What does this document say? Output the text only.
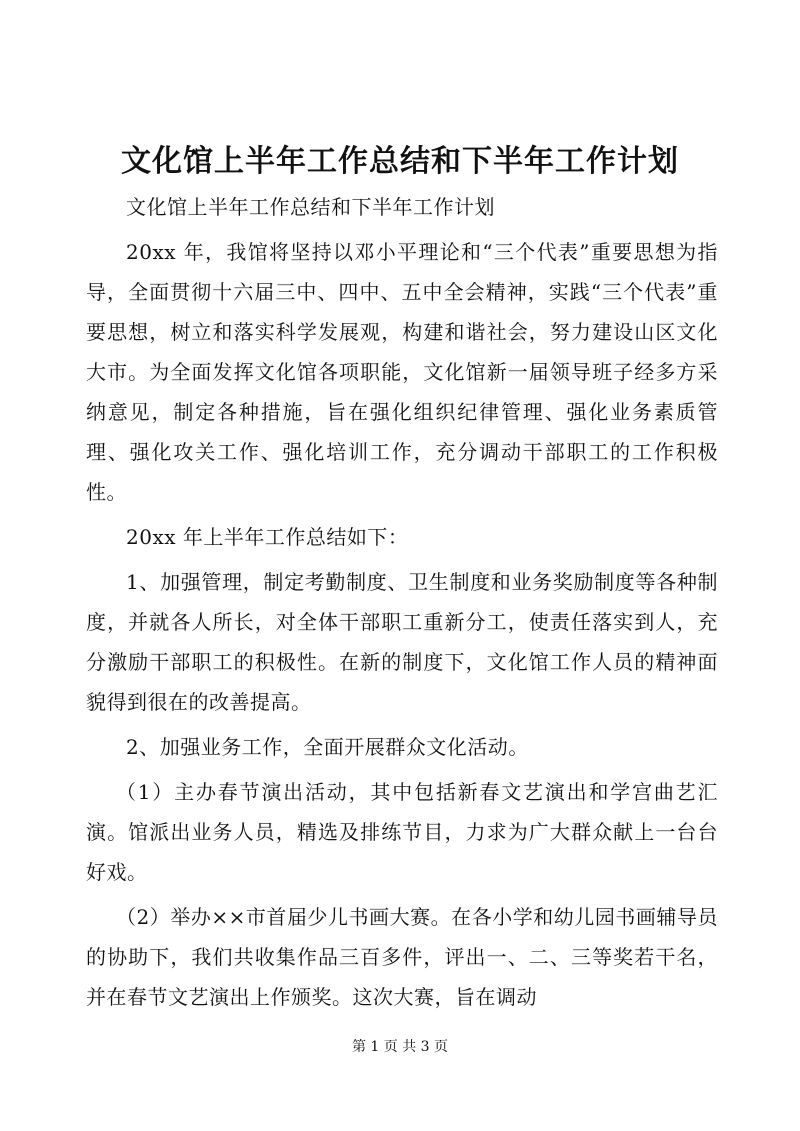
文化馆上半年工作总结和下半年工作计划

文化馆上半年工作总结和下半年工作计划

20xx 年，我馆将坚持以邓小平理论和“三个代表”重要思想为指导，全面贯彻十六届三中、四中、五中全会精神，实践“三个代表”重要思想，树立和落实科学发展观，构建和谐社会，努力建设山区文化大市。为全面发挥文化馆各项职能，文化馆新一届领导班子经多方采纳意见，制定各种措施，旨在强化组织纪律管理、强化业务素质管理、强化攻关工作、强化培训工作，充分调动干部职工的工作积极性。

20xx 年上半年工作总结如下：

1、加强管理，制定考勤制度、卫生制度和业务奖励制度等各种制度，并就各人所长，对全体干部职工重新分工，使责任落实到人，充分激励干部职工的积极性。在新的制度下，文化馆工作人员的精神面貌得到很在的改善提高。

2、加强业务工作，全面开展群众文化活动。

（1）主办春节演出活动，其中包括新春文艺演出和学宫曲艺汇演。馆派出业务人员，精选及排练节目，力求为广大群众献上一台台好戏。

（2）举办××市首届少儿书画大赛。在各小学和幼儿园书画辅导员的协助下，我们共收集作品三百多件，评出一、二、三等奖若干名，并在春节文艺演出上作颁奖。这次大赛，旨在调动

第 1 页 共 3 页
